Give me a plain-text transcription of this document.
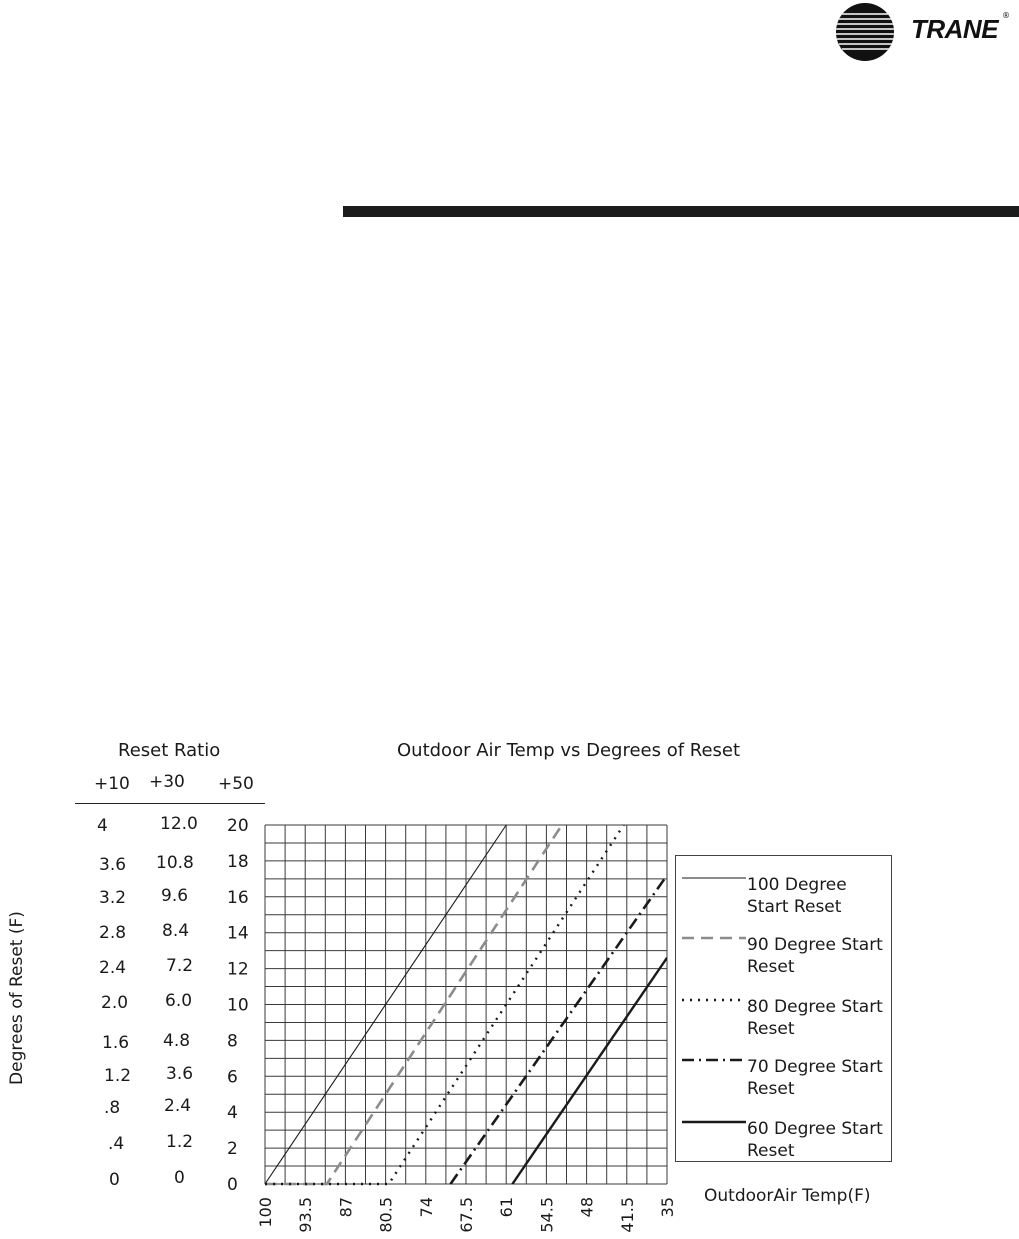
TRANE ®
Reset Ratio
+10 +30 +50
4
3.6
3.2
2.8
2.4
2.0
1.6
1.2
.8
.4
0
12.0
10.8
9.6
8.4
7.2
6.0
4.8
3.6
2.4
1.2
0
Outdoor Air Temp vs Degrees of Reset
Degrees of Reset (F)
OutdoorAir Temp(F)
100 93.5 87 80.5 74 67.5 61 54.5 48 41.5 35
0
2
4
6
8
10
12
14
16
18
20
100 Degree Start Reset
90 Degree Start Reset
80 Degree Start Reset
70 Degree Start Reset
60 Degree Start Reset
